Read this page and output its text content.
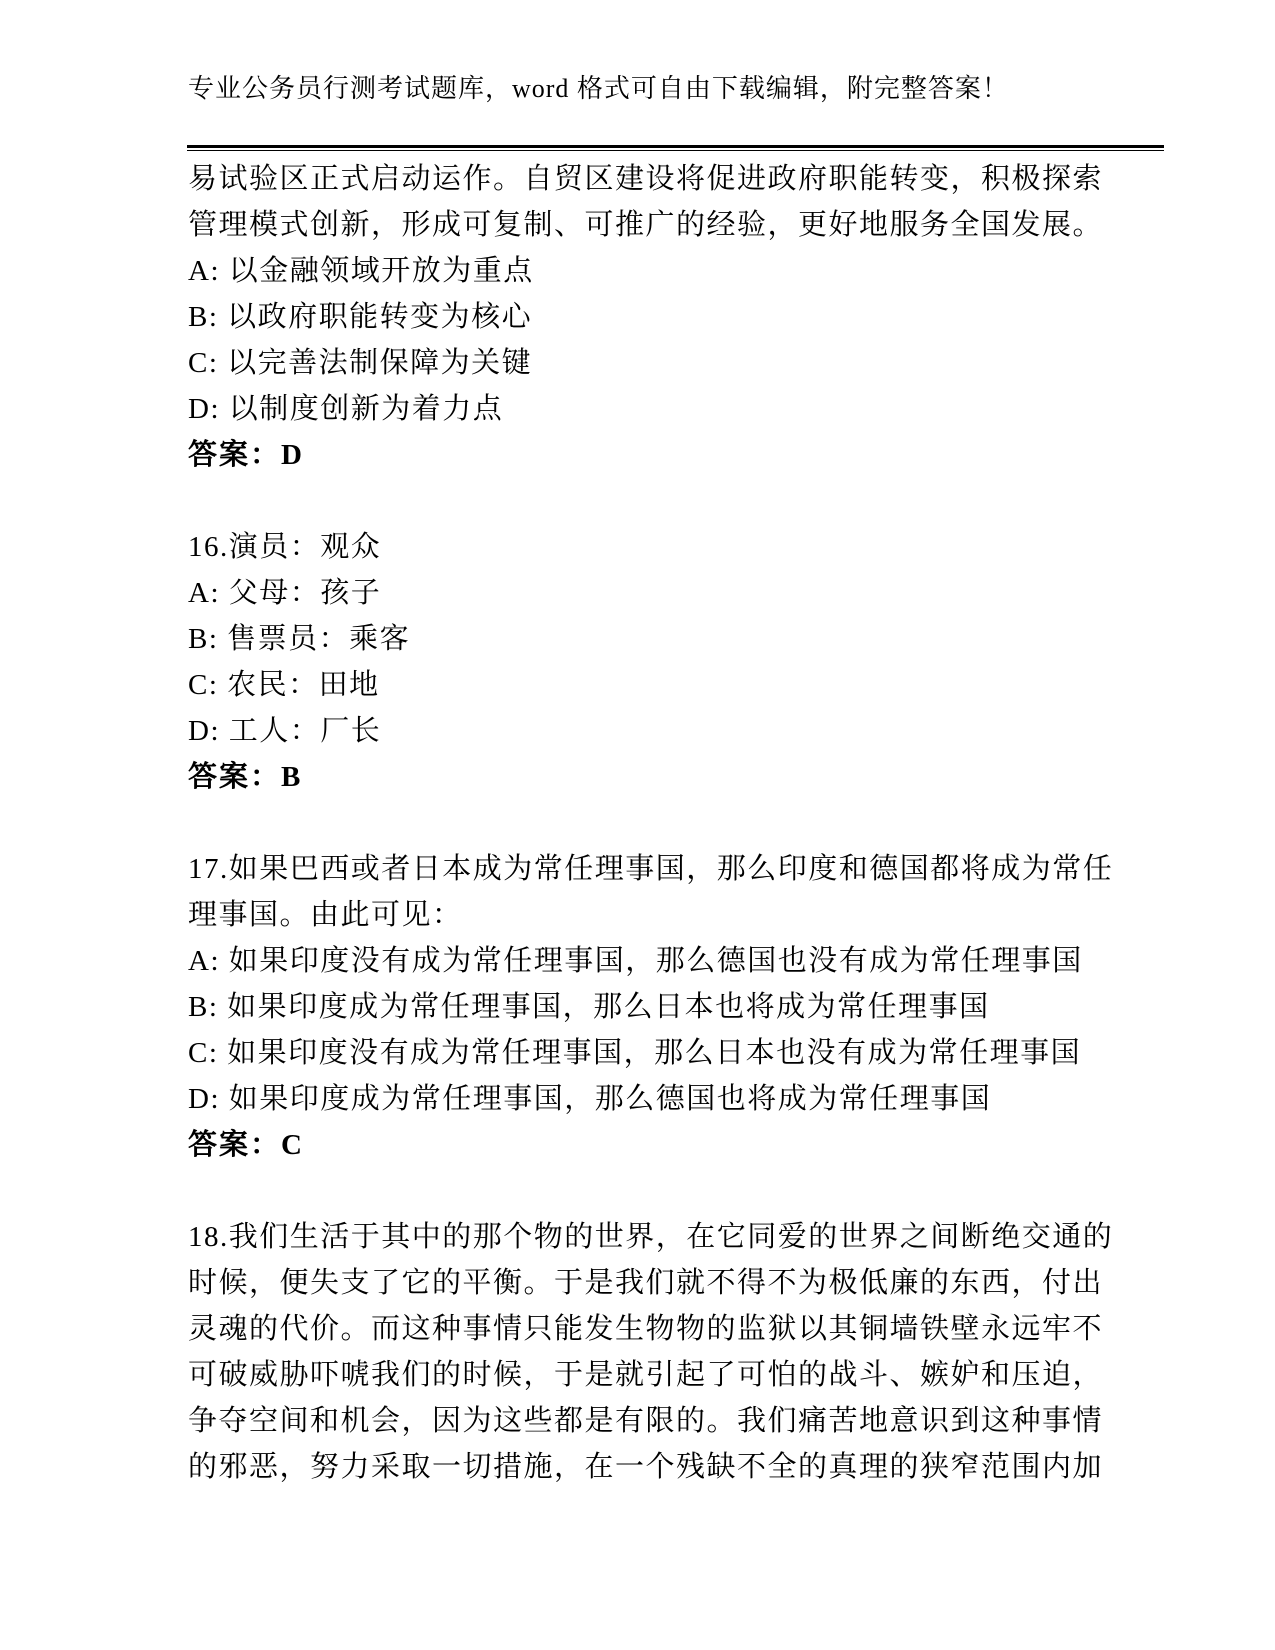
专业公务员行测考试题库，word 格式可自由下载编辑，附完整答案！
易试验区正式启动运作。自贸区建设将促进政府职能转变，积极探索
管理模式创新，形成可复制、可推广的经验，更好地服务全国发展。
A: 以金融领域开放为重点
B: 以政府职能转变为核心
C: 以完善法制保障为关键
D: 以制度创新为着力点
答案：D
16.演员：观众
A: 父母：孩子
B: 售票员：乘客
C: 农民：田地
D: 工人：厂长
答案：B
17.如果巴西或者日本成为常任理事国，那么印度和德国都将成为常任
理事国。由此可见：
A: 如果印度没有成为常任理事国，那么德国也没有成为常任理事国
B: 如果印度成为常任理事国，那么日本也将成为常任理事国
C: 如果印度没有成为常任理事国，那么日本也没有成为常任理事国
D: 如果印度成为常任理事国，那么德国也将成为常任理事国
答案：C
18.我们生活于其中的那个物的世界，在它同爱的世界之间断绝交通的
时候，便失支了它的平衡。于是我们就不得不为极低廉的东西，付出
灵魂的代价。而这种事情只能发生物物的监狱以其铜墙铁壁永远牢不
可破威胁吓唬我们的时候，于是就引起了可怕的战斗、嫉妒和压迫，
争夺空间和机会，因为这些都是有限的。我们痛苦地意识到这种事情
的邪恶，努力采取一切措施，在一个残缺不全的真理的狭窄范围内加
